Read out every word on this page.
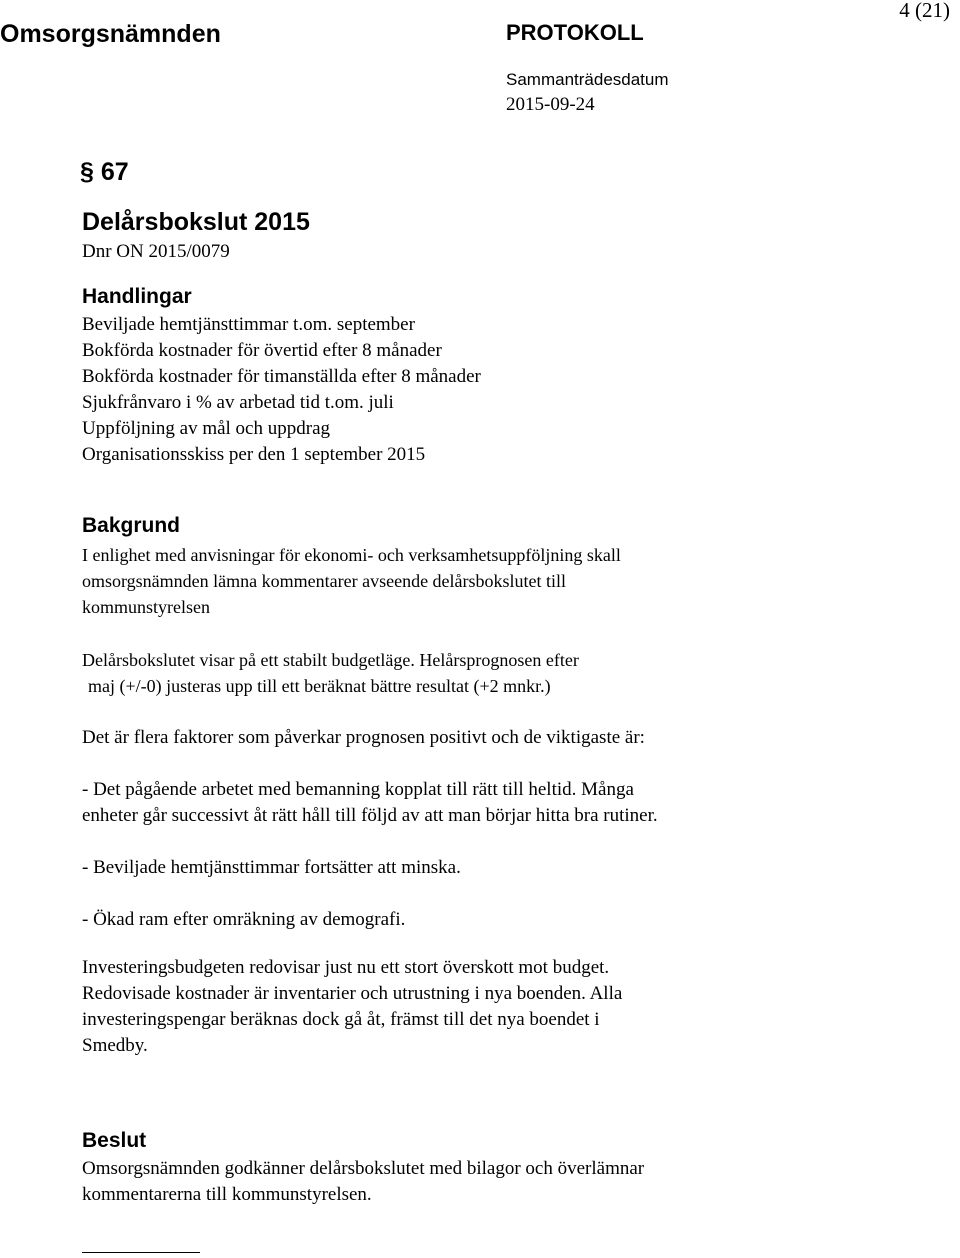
Omsorgsnämnden	PROTOKOLL
4 (21)
Sammanträdesdatum
2015-09-24
§ 67
Delårsbokslut 2015
Dnr ON 2015/0079
Handlingar
Beviljade hemtjänsttimmar t.om. september
Bokförda kostnader för övertid efter 8 månader
Bokförda kostnader för timanställda efter 8 månader
Sjukfrånvaro i % av arbetad tid t.om. juli
Uppföljning av mål och uppdrag
Organisationsskiss per den 1 september 2015
Bakgrund
I enlighet med anvisningar för ekonomi- och verksamhetsuppföljning skall
omsorgsnämnden lämna kommentarer avseende delårsbokslutet till
kommunstyrelsen
Delårsbokslutet visar på ett stabilt budgetläge. Helårsprognosen efter
maj (+/-0) justeras upp till ett beräknat bättre resultat (+2 mnkr.)
Det är flera faktorer som påverkar prognosen positivt och de viktigaste är:
- Det pågående arbetet med bemanning kopplat till rätt till heltid. Många
enheter går successivt åt rätt håll till följd av att man börjar hitta bra rutiner.
- Beviljade hemtjänsttimmar fortsätter att minska.
- Ökad ram efter omräkning av demografi.
Investeringsbudgeten redovisar just nu ett stort överskott mot budget.
Redovisade kostnader är inventarier och utrustning i nya boenden. Alla
investeringspengar beräknas dock gå åt, främst till det nya boendet i
Smedby.
Beslut
Omsorgsnämnden godkänner delårsbokslutet med bilagor och överlämnar
kommentarerna till kommunstyrelsen.
